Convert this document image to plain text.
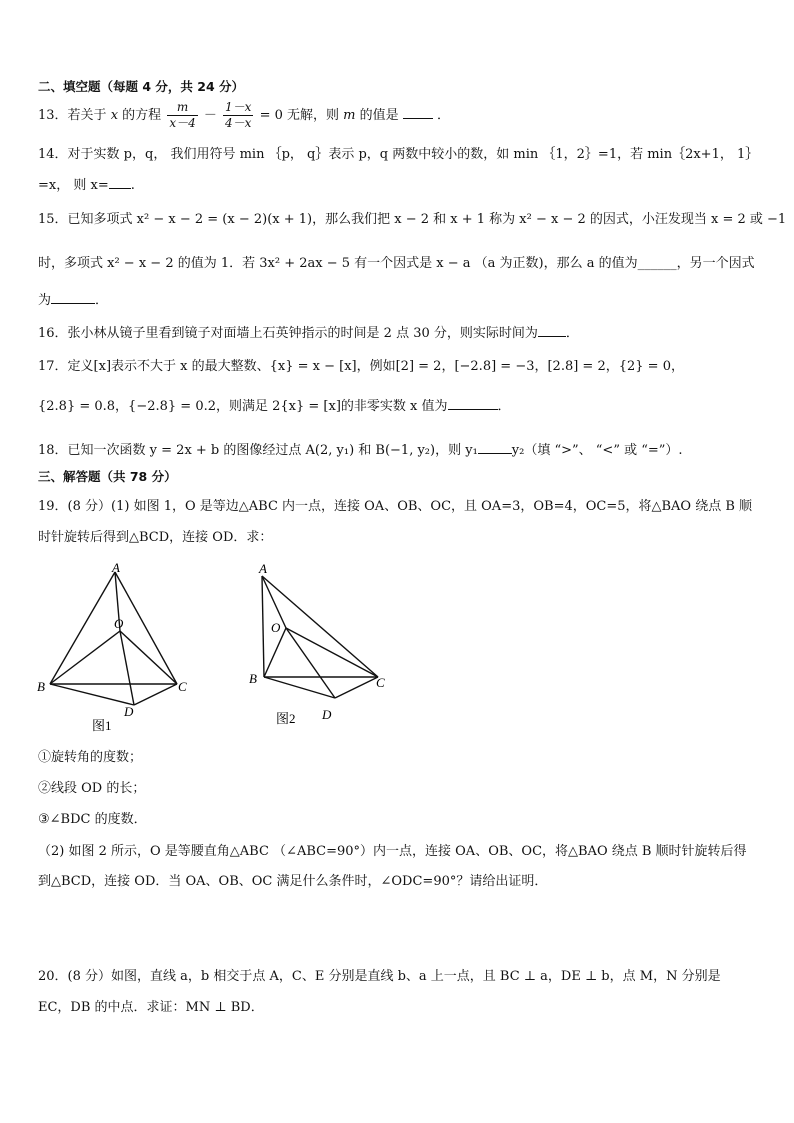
二、填空题（每题 4 分，共 24 分）
13．若关于 x 的方程 $\frac{m}{x-4} - \frac{1-x}{4-x} = 0$ 无解，则 m 的值是	．
14．对于实数 p，q， 我们用符号 min ｛p， q｝表示 p，q 两数中较小的数，如 min ｛1，2｝=1，若 min｛2x+1， 1｝
=x， 则 x= .
15．已知多项式 x² − x − 2 = (x − 2)(x + 1)，那么我们把 x − 2 和 x + 1 称为 x² − x − 2 的因式，小汪发现当 x = 2 或 −1
时，多项式 x² − x − 2 的值为 1．若 3x² + 2ax − 5 有一个因式是 x − a （a 为正数)，那么 a 的值为______，另一个因式
为	．
16．张小林从镜子里看到镜子对面墙上石英钟指示的时间是 2 点 30 分，则实际时间为 ．
17．定义[x]表示不大于 x 的最大整数、{x} = x − [x]，例如[2] = 2，[−2.8] = −3，[2.8] = 2，{2} = 0，
{2.8} = 0.8，{−2.8} = 0.2，则满足 2{x} = [x]的非零实数 x 值为	．
18．已知一次函数 y = 2x + b 的图像经过点 A(2, y₁) 和 B(−1, y₂)，则 y₁	y₂（填 “>”、 “<” 或 “=”）.
三、解答题（共 78 分）
19．(8 分）(1) 如图 1，O 是等边△ABC 内一点，连接 OA、OB、OC，且 OA=3，OB=4，OC=5，将△BAO 绕点 B 顺
时针旋转后得到△BCD，连接 OD．求：
A
B	C
O
D
图1
A
B	C
O
D
图2
①旋转角的度数；
②线段 OD 的长；
③∠BDC 的度数．
（2) 如图 2 所示，O 是等腰直角△ABC （∠ABC=90°）内一点，连接 OA、OB、OC，将△BAO 绕点 B 顺时针旋转后得
到△BCD，连接 OD．当 OA、OB、OC 满足什么条件时，∠ODC=90°？请给出证明．
20．(8 分）如图，直线 a，b 相交于点 A，C、E 分别是直线 b、a 上一点，且 BC ⊥ a，DE ⊥ b，点 M，N 分别是
EC，DB 的中点．求证：MN ⊥ BD．
